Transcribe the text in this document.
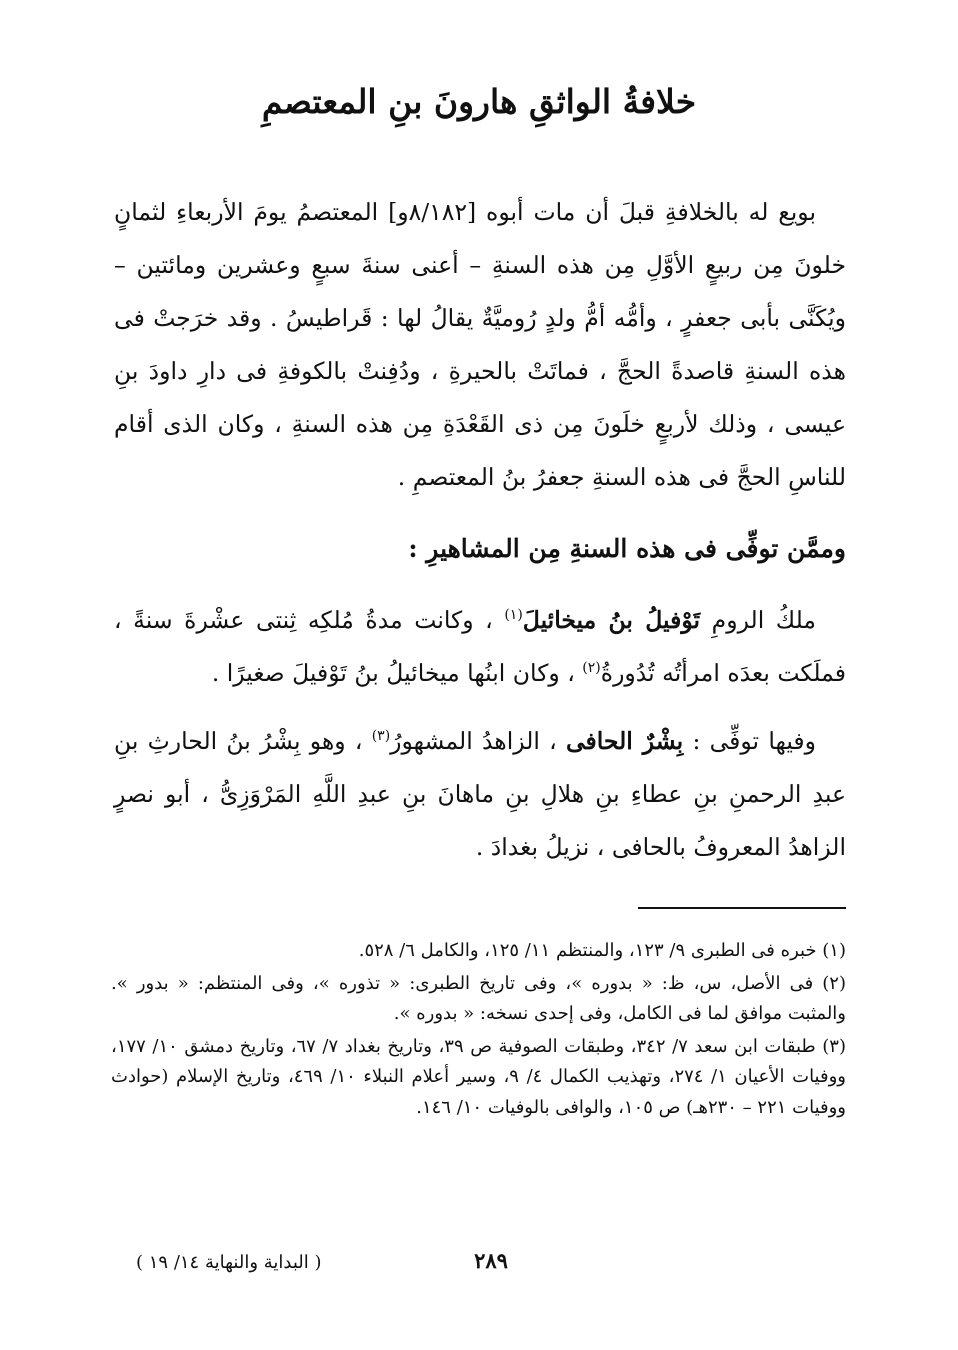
خلافةُ الواثقِ هارونَ بنِ المعتصمِ
بويع له بالخلافةِ قبلَ أن مات أبوه [٨/١٨٢و] المعتصمُ يومَ الأربعاءِ لثمانٍ خلونَ مِن ربيعٍ الأوَّلِ مِن هذه السنةِ – أعنى سنةَ سبعٍ وعشرين ومائتين – ويُكَنَّى بأبى جعفرٍ ، وأمُّه أمُّ ولدٍ رُوميَّةٌ يقالُ لها : قَراطيسُ . وقد خرَجتْ فى هذه السنةِ قاصدةً الحجَّ ، فماتَتْ بالحيرةِ ، ودُفِنتْ بالكوفةِ فى دارِ داودَ بنِ عيسى ، وذلك لأربعٍ خلَونَ مِن ذى القَعْدَةِ مِن هذه السنةِ ، وكان الذى أقام للناسِ الحجَّ فى هذه السنةِ جعفرُ بنُ المعتصمِ .
وممَّن توفِّى فى هذه السنةِ مِن المشاهيرِ :
ملكُ الرومِ تَوْفيلُ بنُ ميخائيلَ$^{(١)}$ ، وكانت مدةُ مُلكِه ثِنتى عشْرةَ سنةً ، فملَكت بعدَه امرأتُه تُدُورةُ$^{(٢)}$ ، وكان ابنُها ميخائيلُ بنُ تَوْفيلَ صغيرًا .
وفيها توفِّى : بِشْرٌ الحافى ، الزاهدُ المشهورُ$^{(٣)}$ ، وهو بِشْرُ بنُ الحارثِ بنِ عبدِ الرحمنِ بنِ عطاءِ بنِ هلالِ بنِ ماهانَ بنِ عبدِ اللَّهِ المَرْوَزِىُّ ، أبو نصرٍ الزاهدُ المعروفُ بالحافى ، نزيلُ بغدادَ .
(١) خبره فى الطبرى ٩/ ١٢٣، والمنتظم ١١/ ١٢٥، والكامل ٦/ ٥٢٨.
(٢) فى الأصل، س، ظ: « بدوره »، وفى تاريخ الطبرى: « تذوره »، وفى المنتظم: « بدور ». والمثبت موافق لما فى الكامل، وفى إحدى نسخه: « بدوره ».
(٣) طبقات ابن سعد ٧/ ٣٤٢، وطبقات الصوفية ص ٣٩، وتاريخ بغداد ٧/ ٦٧، وتاريخ دمشق ١٠/ ١٧٧، ووفيات الأعيان ١/ ٢٧٤، وتهذيب الكمال ٤/ ٩، وسير أعلام النبلاء ١٠/ ٤٦٩، وتاريخ الإسلام (حوادث ووفيات ٢٢١ – ٢٣٠هـ) ص ١٠٥، والوافى بالوفيات ١٠/ ١٤٦.
٢٨٩
( البداية والنهاية ١٤/ ١٩ )
